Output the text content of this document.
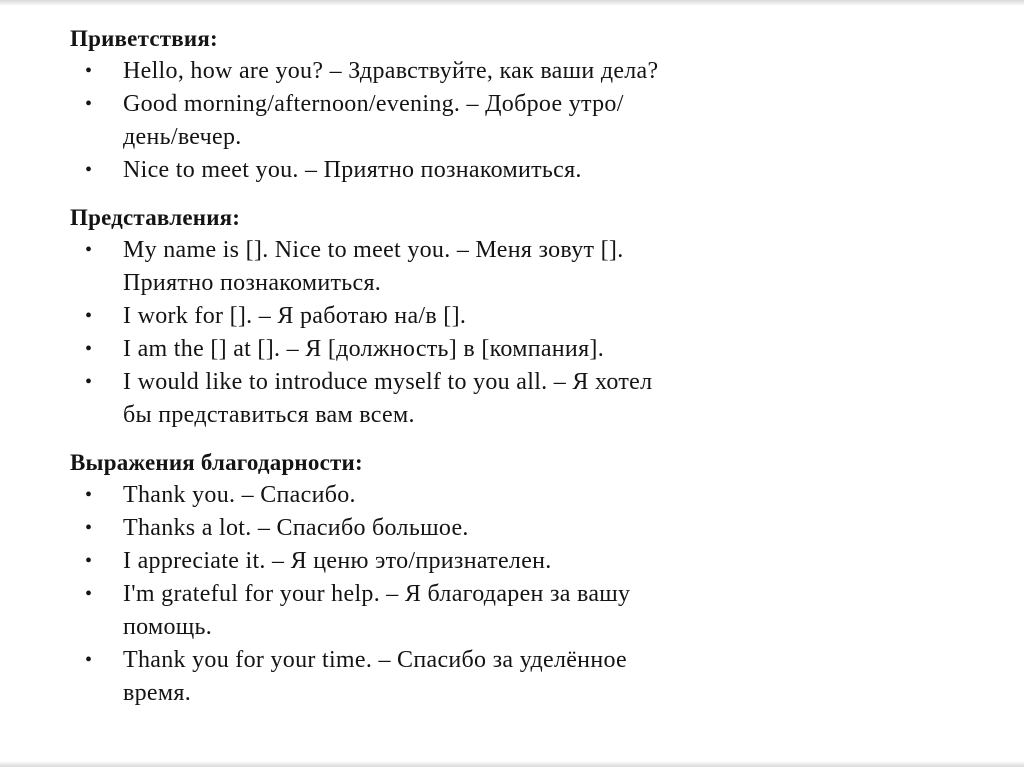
Приветствия:

• Hello, how are you? – Здравствуйте, как ваши дела?
• Good morning/afternoon/evening. – Доброе утро/
день/вечер.
• Nice to meet you. – Приятно познакомиться.

Представления:

• My name is []. Nice to meet you. – Меня зовут [].
Приятно познакомиться.
• I work for []. – Я работаю на/в [].
• I am the [] at []. – Я [должность] в [компания].
• I would like to introduce myself to you all. – Я хотел
бы представиться вам всем.

Выражения благодарности:

• Thank you. – Спасибо.
• Thanks a lot. – Спасибо большое.
• I appreciate it. – Я ценю это/признателен.
• I'm grateful for your help. – Я благодарен за вашу
помощь.
• Thank you for your time. – Спасибо за уделённое
время.
